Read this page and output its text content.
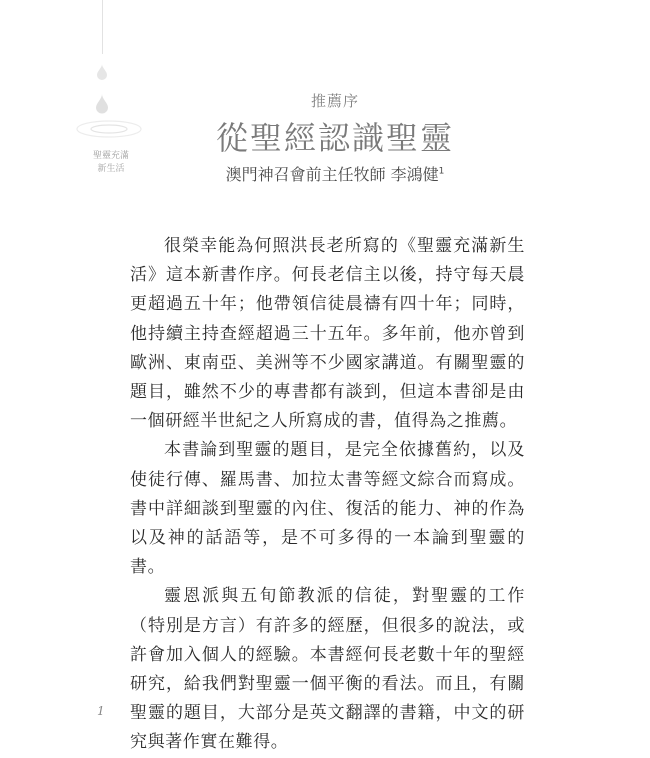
聖靈充滿
新生活
推薦序
從聖經認識聖靈
澳門神召會前主任牧師 李鴻健$^1$

很榮幸能為何照洪長老所寫的《聖靈充滿新生活》這本新書作序。何長老信主以後，持守每天晨更超過五十年；他帶領信徒晨禱有四十年；同時，他持續主持查經超過三十五年。多年前，他亦曾到歐洲、東南亞、美洲等不少國家講道。有關聖靈的題目，雖然不少的專書都有談到，但這本書卻是由一個研經半世紀之人所寫成的書，值得為之推薦。

本書論到聖靈的題目，是完全依據舊約，以及使徒行傳、羅馬書、加拉太書等經文綜合而寫成。書中詳細談到聖靈的內住、復活的能力、神的作為以及神的話語等，是不可多得的一本論到聖靈的書。

靈恩派與五旬節教派的信徒，對聖靈的工作（特別是方言）有許多的經歷，但很多的說法，或許會加入個人的經驗。本書經何長老數十年的聖經研究，給我們對聖靈一個平衡的看法。而且，有關聖靈的題目，大部分是英文翻譯的書籍，中文的研究與著作實在難得。

1
